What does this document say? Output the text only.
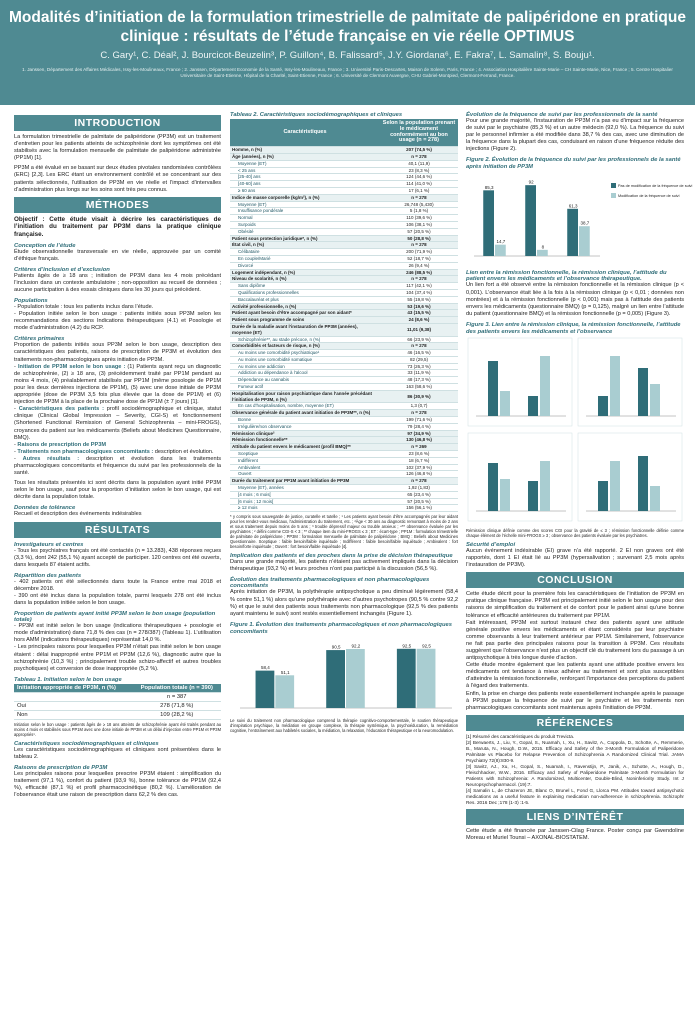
Modalités d’initiation de la formulation trimestrielle de palmitate de palipéridone en pratique clinique : résultats de l’étude française en vie réelle OPTIMUS
C. Gary¹, C. Déal², J. Bourcicot-Beuzelin³, P. Guillon⁴, B. Falissard⁵, J.Y. Giordana⁶, E. Fakra⁷, L. Samalin⁸, S. Bouju¹.
1. Janssen, Département des Affaires Médicales, Issy-les-Moulineaux, France ; 2. Janssen, Département Economie de la Santé, Issy-les-Moulineaux, France ; 3. Université Paris-Descartes, Maison de Solenn, Paris, France ; 4. Association Hospitalière Sainte-Marie – CH Sainte-Marie, Nice, France ; 5. Centre Hospitalier Universitaire de Saint-Etienne, Hôpital de la Charité, Saint-Etienne, France ; 6. Université de Clermont Auvergne, CHU Gabriel-Montpied, Clermont-Ferrand, France.
INTRODUCTION

La formulation trimestrielle de palmitate de palipéridone (PP3M) est un traitement d’entretien pour les patients atteints de schizophrénie dont les symptômes ont été stabilisés avec la formulation mensuelle de palmitate de palipéridone administrée (PP1M) [1].

PP3M a été évalué en se basant sur deux études pivotales randomisées contrôlées (ERC) [2,3]. Les ERC étant un environnement contrôlé et se concentrant sur des patients sélectionnés, l’utilisation de PP3M en vie réelle et l’impact d’intervalles d’administration plus longs sur les soins sont très peu connus.

MÉTHODES

Objectif : Cette étude visait à décrire les caractéristiques de l’initiation du traitement par PP3M dans la pratique clinique française.

Conception de l’étude

Étude observationnelle transversale en vie réelle, approuvée par un comité d’éthique français.

Critères d’inclusion et d’exclusion

Patients âgés de ≥ 18 ans ; initiation de PP3M dans les 4 mois précédant l’inclusion dans un contexte ambulatoire ; non-opposition au recueil de données ; aucune participation à des essais cliniques dans les 30 jours qui précèdent.

Populations
- Population totale : tous les patients inclus dans l’étude.
- Population initiée selon le bon usage : patients initiés sous PP3M selon les recommandations des sections Indications thérapeutiques (4.1) et Posologie et mode d’administration (4.2) du RCP.
Critères primaires

Proportion de patients initiés sous PP3M selon le bon usage, description des caractéristiques des patients, raisons de prescription de PP3M et évolution des traitements non-pharmacologiques après initiation de PP3M.

- Initiation de PP3M selon le bon usage : (1) Patients ayant reçu un diagnostic de schizophrénie, (2) ≥ 18 ans, (3) précédemment traité par PP1M pendant au moins 4 mois, (4) préalablement stabilisés par PP1M (même posologie de PP1M pour les deux dernières injections de PP1M), (5) avec une dose initiale de PP3M appropriée (dose de PP3M 3,5 fois plus élevée que la dose de PP1M) et (6) injection de PP3M à la place de la prochaine dose de PP1M (± 7 jours) [1].
- Caractéristiques des patients : profil sociodémographique et clinique, statut clinique (Clinical Global Impression – Severity, CGI-S) et fonctionnement (Shortened Functional Remission of General Schizophrenia – mini-FROGS), croyances du patient sur les médicaments (Beliefs about Medicines Questionnaire, BMQ).
- Raisons de prescription de PP3M
- Traitements non pharmacologiques concomitants : description et évolution.
- Autres résultats : description et évolution dans les traitements pharmacologiques concomitants et fréquence du suivi par les professionnels de la santé.

Tous les résultats présentés ici sont décrits dans la population ayant initié PP3M selon le bon usage, sauf pour la proportion d’initiation selon le bon usage, qui est décrite dans la population totale.

Données de tolérance

Recueil et description des événements indésirables

RÉSULTATS
Investigateurs et centres
- Tous les psychiatres français ont été contactés (n = 13.283), 438 réponses reçues (3,3 %), dont 242 (55,1 %) ayant accepté de participer. 120 centres ont été ouverts, dans lesquels 87 étaient actifs.
Répartition des patients
- 402 patients ont été sélectionnés dans toute la France entre mai 2018 et décembre 2018.
- 390 ont été inclus dans la population totale, parmi lesquels 278 ont été inclus dans la population initiée selon le bon usage.
Proportion de patients ayant initié PP3M selon le bon usage (population totale)
- PP3M est initié selon le bon usage (indications thérapeutiques + posologie et mode d’administration) dans 71,8 % des cas (n = 278/387) (Tableau 1). L’utilisation hors AMM (indications thérapeutiques) représentait 14,0 %.
- Les principales raisons pour lesquelles PP3M n’était pas initié selon le bon usage étaient : délai inapproprié entre PP1M et PP3M (12,6 %), diagnostic autre que la schizophrénie (10,3 %) ; principalement trouble schizo-affectif et autres troubles psychotiques) et conversion de dose inappropriée (5,2 %).
Tableau 1. Initiation selon le bon usage
Initiation appropriée de PP3M, n (%)	Population totale (n = 390)
	n = 387
Oui	278 (71,8 %)
Non	109 (28,2 %)

Initiation selon le bon usage : patients âgés de ≥ 18 ans atteints de schizophrénie ayant été traités pendant au moins 4 mois et stabilisés sous PP1M avec une dose initiale de PP3M et un délai d’injection entre PP1M et PP3M appropriés¹.

Caractéristiques sociodémographiques et cliniques

Les caractéristiques sociodémographiques et cliniques sont présentées dans le tableau 2.

Raisons de prescription de PP3M

Les principales raisons pour lesquelles prescrire PP3M étaient : simplification du traitement (97,1 %), confort du patient (93,9 %), bonne tolérance de PP1M (92,4 %), efficacité (87,1 %) et profil pharmacocinétique (80,2 %). L’amélioration de l’observance était une raison de prescription dans 62,2 % des cas.

Tableau 2. Caractéristiques sociodémographiques et cliniques
Caractéristiques	Selon la population prenant le médicament conformément au bon usage (n = 278)
Homme, n (%)	207 (74,5 %)
Âge (années), n (%)	n = 278
Moyenne (ET)	40,1 (11,9)
< 25 ans	23 (8,3 %)
[25-40] ans	124 (44,6 %)
[40-60] ans	114 (41,0 %)
≥ 60 ans	17 (6,1 %)
Indice de masse corporelle (kg/m²), n (%)	n = 278
Moyenne (ET)	26,748 (5,430)
Insuffisance pondérale	5 (1,8 %)
Normal	110 (39,6 %)
Surpoids	106 (38,1 %)
Obésité	57 (20,5 %)
Patient sous protection juridique*, n (%)	50 (28,8 %)
État civil, n (%)	n = 278
Célibataire	200 (71,9 %)
En couple/Marié	52 (18,7 %)
Divorcé	26 (9,4 %)
Logement indépendant, n (%)	246 (88,5 %)
Niveau de scolarité, n (%)	n = 278
Sans diplôme	117 (42,1 %)
Qualifications professionnelles	104 (37,4 %)
Baccalauréat et plus	55 (19,8 %)
Activité professionnelle, n (%)	53 (19,6 %)
Patient ayant besoin d’être accompagné par son aidant*	43 (15,5 %)
Patient sous programme de soins	24 (8,6 %)
Durée de la maladie avant l’instauration de PP3M (années), moyenne (ET)	11,01 (9,38)
Schizophrénie**, au stade précoce, n (%)	66 (23,9 %)
Comorbidités et facteurs de risque, n (%)	n = 278
Au moins une comorbidité psychiatrique¹	46 (16,5 %)
Au moins une comorbidité somatique	82 (29,5)
Au moins une addiction	73 (26,3 %)
Addiction ou dépendance à l’alcool	33 (11,9 %)
Dépendance au cannabis	48 (17,3 %)
Fumeur actif	163 (58,6 %)
Hospitalisation pour raison psychiatrique dans l’année précédant l’initiation de PP3M, n (%)	86 (30,9 %)
En cas d’hospitalisation, nombre, moyenne (ET)	1,3 (0,7)
Observance générale du patient avant initiation de PP3M**, n (%)	n = 278
Bonne	199 (71,6 %)
Irrégulière/non observance	79 (28,4 %)
Rémission clinique²	97 (34,9 %)
Rémission fonctionnelle**	130 (46,8 %)
Attitude du patient envers le médicament (profil BMQ)**	n = 269
Sceptique	23 (8,6 %)
Indifférent	18 (6,7 %)
Ambivalent	102 (37,9 %)
Ouvert	126 (46,8 %)
Durée du traitement par PP1M avant initiation de PP3M	n = 278
Moyenne (ET), années	1,92 (1,83)
[4 mois ; 6 mois[	65 (23,4 %)
[6 mois ; 12 mois[	57 (20,5 %)
≥ 12 mois	156 (56,1 %)

* y compris sous sauvegarde de justice, curatelle et tutelle ; ¹ Les patients ayant besoin d’être accompagnés par leur aidant pour les rendez-vous médicaux, l’administration du traitement, etc. ; ²Âge < 30 ans au diagnostic remontant à moins de 2 ans et sous traitement depuis moins de 5 ans ; ³ trouble dépressif majeur ou trouble anxieux ; ⁴** observance évaluée par les psychiatres ; ² défini comme CGI-S < 3 ; ** chaque item du mini-FROGS ≤ 3 ; ET : écart-type ; PP1M : formulation trimestrielle de palmitate de palipéridone ; PP3M : formulation mensuelle de palmitate de palipéridone ; BMQ : Beliefs about Medicines Questionnaire. Sceptique : faible besoin/faible inquiétude ; Indifférent : faible besoin/faible inquiétude ; Ambivalent : fort besoin/forte inquiétude ; Ouvert : fort besoin/faible inquiétude [4].

Implication des patients et des proches dans la prise de décision thérapeutique

Dans une grande majorité, les patients n’étaient pas activement impliqués dans la décision thérapeutique (93,2 %) et leurs proches n’ont pas participé à la discussion (56,5 %).

Évolution des traitements pharmacologiques et non pharmacologiques concomitants

Après initiation de PP3M, la polythérapie antipsychotique a peu diminué légèrement (58,4 % contre 51,1 %) alors qu’une polythérapie avec d’autres psychotropes (90,5 % contre 92,2 %) et que le suivi des patients sous traitements non pharmacologique (92,5 % des patients ayant maintenu le suivi) sont restés essentiellement inchangés (Figure 1).

Figure 1. Évolution des traitements pharmacologiques et non pharmacologiques concomitants
58,4
51,1
90,5 92,2	92,5 92,5

Le suivi du traitement non pharmacologique comprend la thérapie cognitivo-comportementale, le soutien thérapeutique d’inspiration psychique, la médiation en groupe complexe, la thérapie systémique, la psychoéducation, la remédiation cognitive, l’entraînement aux habiletés sociales, la médiation, la relaxation, l’éducation thérapeutique et la neuromodulation.

Évolution de la fréquence de suivi par les professionnels de la santé

Pour une grande majorité, l’instauration de PP3M n’a pas eu d’impact sur la fréquence de suivi par le psychiatre (85,3 %) et un autre médecin (92,0 %). La fréquence du suivi par le personnel infirmier a été modifiée dans 38,7 % des cas, avec une diminution de la fréquence dans la plupart des cas, conduisant en raison d’une fréquence réduite des injections (Figure 2).

Figure 2. Évolution de la fréquence du suivi par les professionnels de la santé après initiation de PP3M
85,3
14,7
92
8
61,3
38,7
Pas de modification de la fréquence de suivi
Modification de la fréquence de suivi
Lien entre la rémission fonctionnelle, la rémission clinique, l’attitude du patient envers les médicaments et l’observance thérapeutique.

Un lien fort a été observé entre la rémission fonctionnelle et la rémission clinique (p < 0,001). L’observance était liée à la fois à la rémission clinique (p < 0,01 ; données non montrées) et à la rémission fonctionnelle (p < 0,001) mais pas à l’attitude des patients envers les médicaments (questionnaire BMQ) (p = 0,125), malgré un lien entre l’attitude du patient (questionnaire BMQ) et la rémission fonctionnelle (p = 0,005) (Figure 3).

Figure 3. Lien entre la rémission clinique, la rémission fonctionnelle, l’attitude des patients envers les médicaments et l’observance

Rémission clinique définie comme des scores CGI pour la gravité de ≤ 3 ; rémission fonctionnelle définie comme chaque élément de l’échelle mini-FROGS ≥ 3 ; observance des patients évaluée par les psychiatres.

Sécurité d’emploi

Aucun événement indésirable (EI) grave n’a été rapporté. 2 EI non graves ont été rapportés, dont 1 EI était lié au PP3M (hypersalivation ; survenant 2,5 mois après l’instauration de PP3M).

CONCLUSION

Cette étude décrit pour la première fois les caractéristiques de l’initiation de PP3M en pratique clinique française. PP3M est principalement initié selon le bon usage pour des raisons de simplification du traitement et de confort pour le patient ainsi qu’une bonne tolérance et efficacité antérieures du traitement par PP1M.

Fait intéressant, PP3M est surtout instauré chez des patients ayant une attitude générale positive envers les médicaments et étant considérés par leur psychiatre comme observants à leur traitement antérieur par PP1M. Similairement, l’observance ne fait pas partie des principales raisons pour la transition à PP3M. Ces résultats suggèrent que l’observance n’est plus un objectif clé du traitement lors du passage à un antipsychotique à très longue durée d’action.

Cette étude montre également que les patients ayant une attitude positive envers les médicaments ont tendance à mieux adhérer au traitement et sont plus susceptibles d’atteindre la rémission fonctionnelle, renforçant l’importance des perceptions du patient à l’égard des traitements.

Enfin, la prise en charge des patients reste essentiellement inchangée après le passage à PP3M puisque la fréquence de suivi par le psychiatre et les traitements non pharmacologiques concomitants sont maintenus après l’initiation de PP3M.

RÉFÉRENCES
[1] Résumé des caractéristiques du produit Trevicta.
[2] Berwaerts, J., Liu, Y., Gopal, S., Nuamah, I., Xu, H., Savitz, A., Coppola, D., Schotte, A., Remmerie, B., Maruta, N., Hough, D.W., 2015. Efficacy and Safety of the 3-Month Formulation of Paliperidone Palmitate vs Placebo for Relapse Prevention of Schizophrenia A Randomized Clinical Trial. JAMA Psychiatry 72(8):830-9.
[3] Savitz, AJ., Xu, H., Gopal, S., Nuamah, I., Ravenstijn, P., Janik, A., Schotte, A., Hough, D., Fleischhacker, W.W., 2016. Efficacy and Safety of Paliperidone Palmitate 3-Month Formulation for Patients with Schizophrenia: A Randomized, Multicenter, Double-Blind, Noninferiority Study. Int J Neuropsychopharmacol. (19):7.
[4] Samalin L, de Chazeron JE, Blanc O, Brunel L, Fond G, Llorca PM. Attitudes toward antipsychotic medications as a useful feature in explaining medication non-adherence in schizophrenia. Schizophr Res. 2016 Dec ;178 (1-3) :1-5.
LIENS D’INTÉRÊT

Cette étude a été financée par Janssen-Cilag France. Poster conçu par Gwendoline Moreau et Muriel Tounsi – AXONAL-BIOSTATEM.
